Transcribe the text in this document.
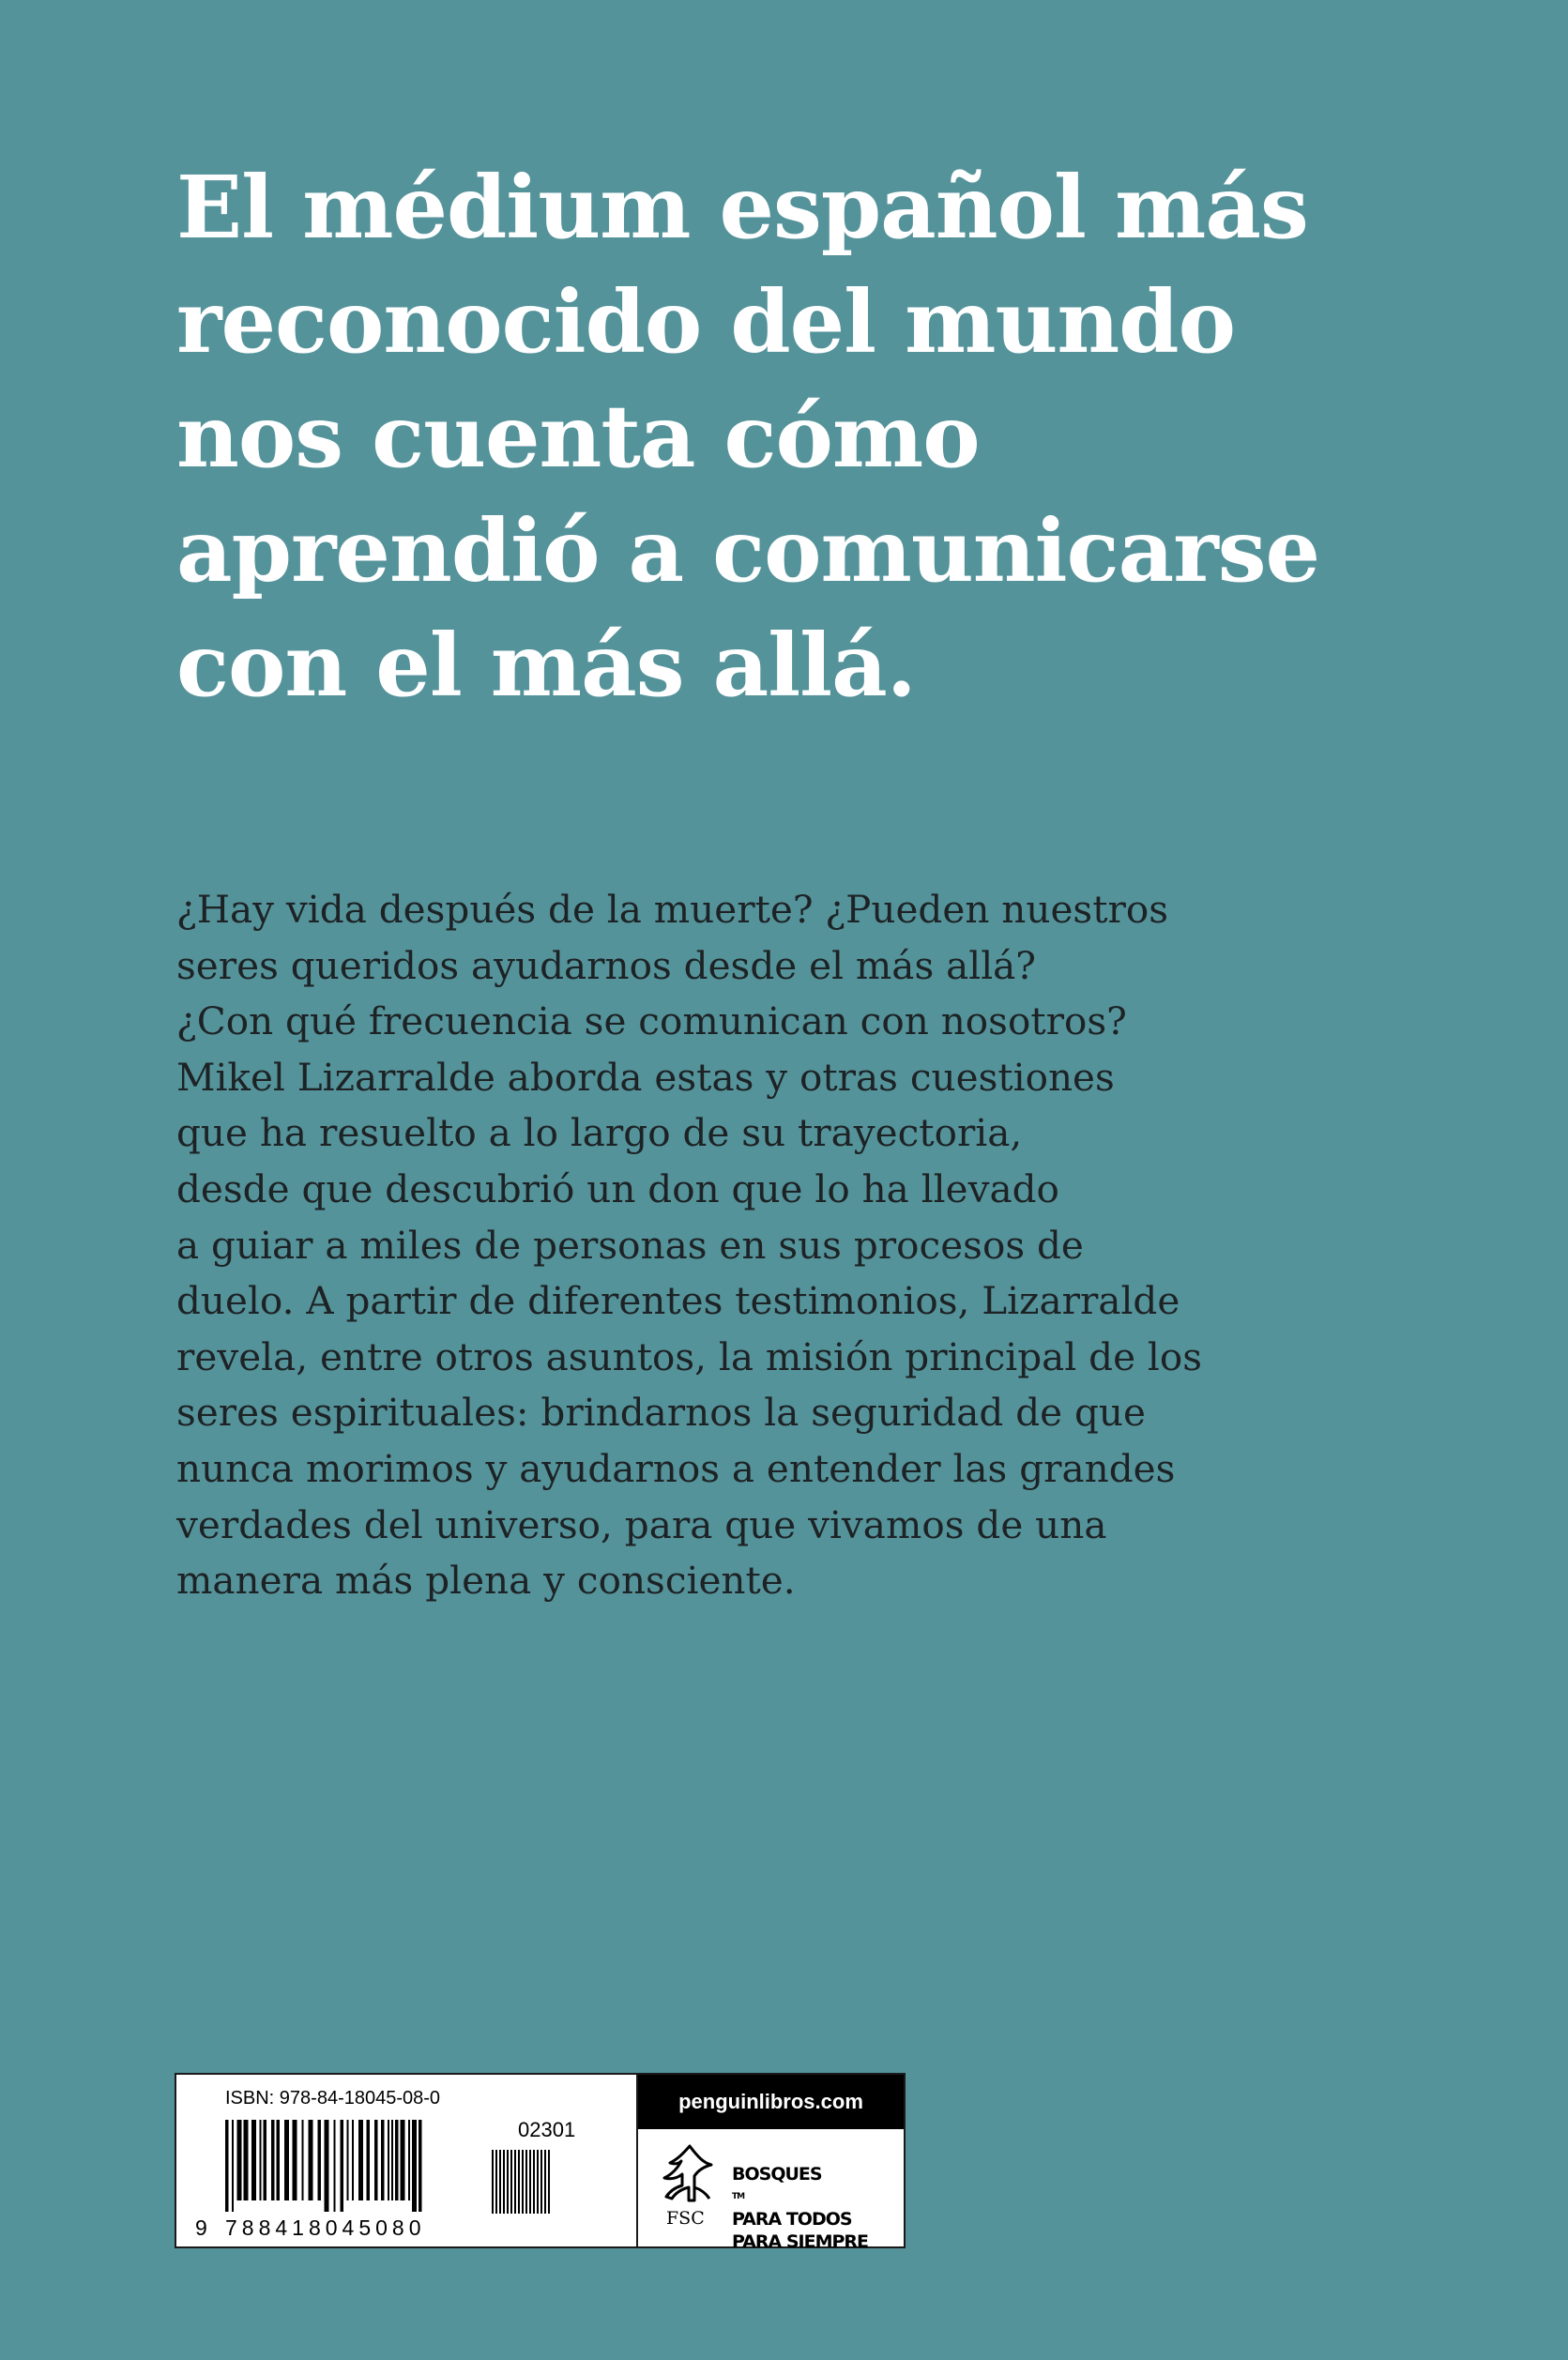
El médium español más
reconocido del mundo
nos cuenta cómo
aprendió a comunicarse
con el más allá.

¿Hay vida después de la muerte? ¿Pueden nuestros
seres queridos ayudarnos desde el más allá?
¿Con qué frecuencia se comunican con nosotros?
Mikel Lizarralde aborda estas y otras cuestiones
que ha resuelto a lo largo de su trayectoria,
desde que descubrió un don que lo ha llevado
a guiar a miles de personas en sus procesos de
duelo. A partir de diferentes testimonios, Lizarralde
revela, entre otros asuntos, la misión principal de los
seres espirituales: brindarnos la seguridad de que
nunca morimos y ayudarnos a entender las grandes
verdades del universo, para que vivamos de una
manera más plena y consciente.

ISBN: 978-84-18045-08-0
02301
9 788418045080
penguinlibros.com
FSC
BOSQUES
™
PARA TODOS
PARA SIEMPRE
